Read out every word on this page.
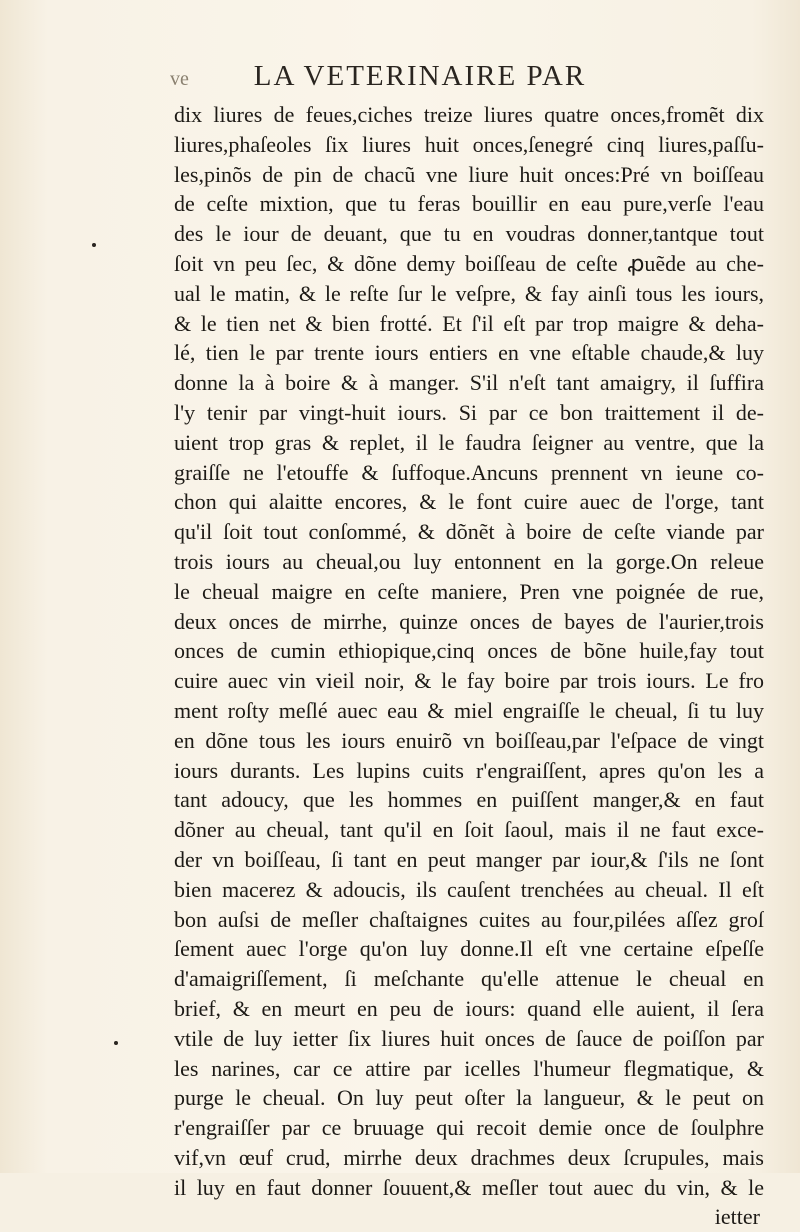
ve	LA VETERINAIRE PAR
dix liures de feues,ciches treize liures quatre onces,fromẽt dix
liures,phaſeoles ſix liures huit onces,ſenegré cinq liures,paſſu-
les,pinõs de pin de chacũ vne liure huit onces:Pré vn boiſſeau
de ceſte mixtion, que tu feras bouillir en eau pure,verſe l'eau
des le iour de deuant, que tu en voudras donner,tantque tout
ſoit vn peu ſec, & dõne demy boiſſeau de ceſte ꝓuẽde au che-
ual le matin, & le reſte ſur le veſpre, & fay ainſi tous les iours,
& le tien net & bien frotté. Et ſ'il eſt par trop maigre & deha-
lé, tien le par trente iours entiers en vne eſtable chaude,& luy
donne la à boire & à manger. S'il n'eſt tant amaigry, il ſuffira
l'y tenir par vingt-huit iours. Si par ce bon traittement il de-
uient trop gras & replet, il le faudra ſeigner au ventre, que la
graiſſe ne l'etouffe & ſuffoque.Ancuns prennent vn ieune co-
chon qui alaitte encores, & le font cuire auec de l'orge, tant
qu'il ſoit tout conſommé, & dõnẽt à boire de ceſte viande par
trois iours au cheual,ou luy entonnent en la gorge.On releue
le cheual maigre en ceſte maniere, Pren vne poignée de rue,
deux onces de mirrhe, quinze onces de bayes de l'aurier,trois
onces de cumin ethiopique,cinq onces de bõne huile,fay tout
cuire auec vin vieil noir, & le fay boire par trois iours. Le fro
ment roſty meſlé auec eau & miel engraiſſe le cheual, ſi tu luy
en dõne tous les iours enuirõ vn boiſſeau,par l'eſpace de vingt
iours durants. Les lupins cuits r'engraiſſent, apres qu'on les a
tant adoucy, que les hommes en puiſſent manger,& en faut
dõner au cheual, tant qu'il en ſoit ſaoul, mais il ne faut exce-
der vn boiſſeau, ſi tant en peut manger par iour,& ſ'ils ne ſont
bien macerez & adoucis, ils cauſent trenchées au cheual. Il eſt
bon auſsi de meſler chaſtaignes cuites au four,pilées aſſez groſ
ſement auec l'orge qu'on luy donne.Il eſt vne certaine eſpeſſe
d'amaigriſſement, ſi meſchante qu'elle attenue le cheual en
brief, & en meurt en peu de iours: quand elle auient, il ſera
vtile de luy ietter ſix liures huit onces de ſauce de poiſſon par
les narines, car ce attire par icelles l'humeur flegmatique, &
purge le cheual. On luy peut oſter la langueur, & le peut on
r'engraiſſer par ce bruuage qui recoit demie once de ſoulphre
vif,vn œuf crud, mirrhe deux drachmes deux ſcrupules, mais
il luy en faut donner ſouuent,& meſler tout auec du vin, & le
ietter
